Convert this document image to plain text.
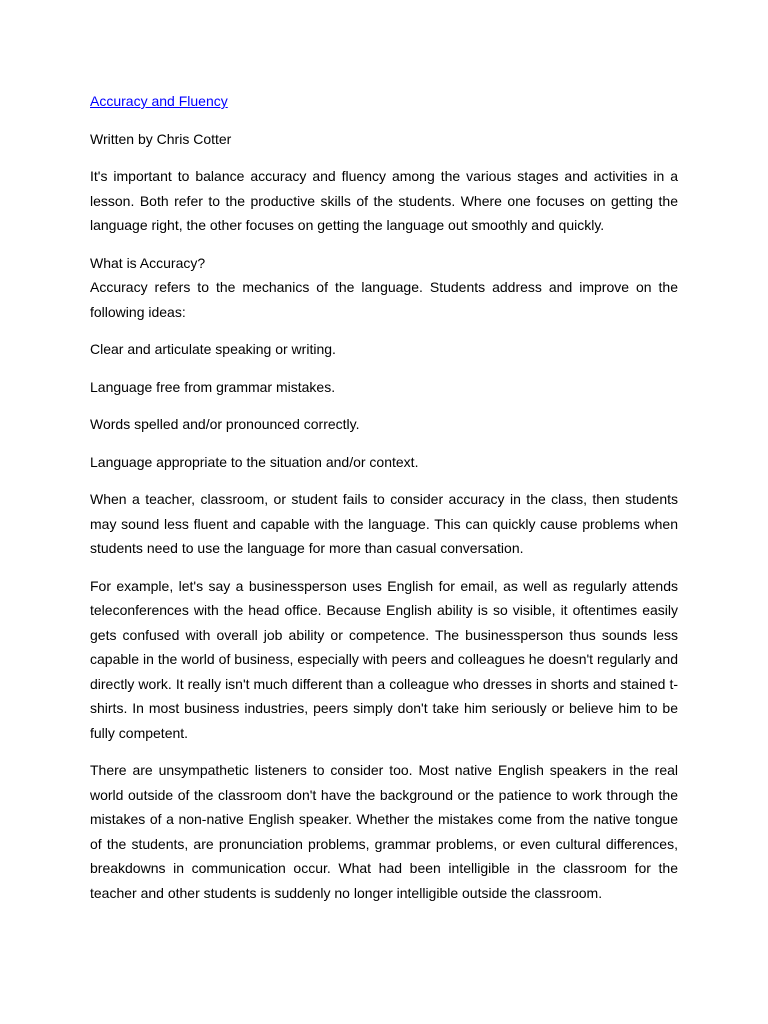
Accuracy and Fluency

Written by Chris Cotter

It's important to balance accuracy and fluency among the various stages and activities in a lesson. Both refer to the productive skills of the students. Where one focuses on getting the language right, the other focuses on getting the language out smoothly and quickly.

What is Accuracy?
Accuracy refers to the mechanics of the language. Students address and improve on the following ideas:

Clear and articulate speaking or writing.

Language free from grammar mistakes.

Words spelled and/or pronounced correctly.

Language appropriate to the situation and/or context.

When a teacher, classroom, or student fails to consider accuracy in the class, then students may sound less fluent and capable with the language. This can quickly cause problems when students need to use the language for more than casual conversation.

For example, let's say a businessperson uses English for email, as well as regularly attends teleconferences with the head office. Because English ability is so visible, it oftentimes easily gets confused with overall job ability or competence. The businessperson thus sounds less capable in the world of business, especially with peers and colleagues he doesn't regularly and directly work. It really isn't much different than a colleague who dresses in shorts and stained t-shirts. In most business industries, peers simply don't take him seriously or believe him to be fully competent.

There are unsympathetic listeners to consider too. Most native English speakers in the real world outside of the classroom don't have the background or the patience to work through the mistakes of a non-native English speaker. Whether the mistakes come from the native tongue of the students, are pronunciation problems, grammar problems, or even cultural differences, breakdowns in communication occur. What had been intelligible in the classroom for the teacher and other students is suddenly no longer intelligible outside the classroom.
